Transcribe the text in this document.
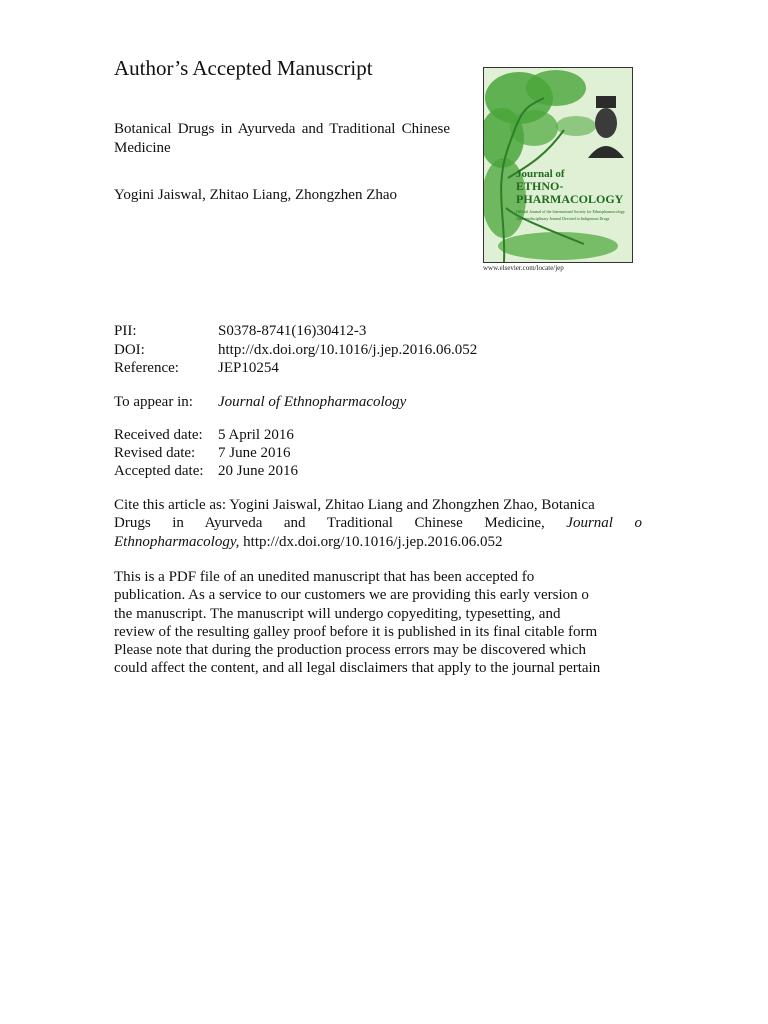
Author’s Accepted Manuscript
Botanical Drugs in Ayurveda and Traditional Chinese Medicine
Yogini Jaiswal, Zhitao Liang, Zhongzhen Zhao
Journal of
ETHNO-
PHARMACOLOGY
Official Journal of the International Society for Ethnopharmacology
An Interdisciplinary Journal Devoted to Indigenous Drugs
www.elsevier.com/locate/jep
PII:	S0378-8741(16)30412-3
DOI:	http://dx.doi.org/10.1016/j.jep.2016.06.052
Reference:	JEP10254
To appear in: Journal of Ethnopharmacology
Received date: 5 April 2016
Revised date: 7 June 2016
Accepted date: 20 June 2016
Cite this article as: Yogini Jaiswal, Zhitao Liang and Zhongzhen Zhao, Botanica
Drugs in Ayurveda and Traditional Chinese Medicine, Journal o
Ethnopharmacology, http://dx.doi.org/10.1016/j.jep.2016.06.052
This is a PDF file of an unedited manuscript that has been accepted fo
publication. As a service to our customers we are providing this early version o
the manuscript. The manuscript will undergo copyediting, typesetting, and
review of the resulting galley proof before it is published in its final citable form
Please note that during the production process errors may be discovered which
could affect the content, and all legal disclaimers that apply to the journal pertain
